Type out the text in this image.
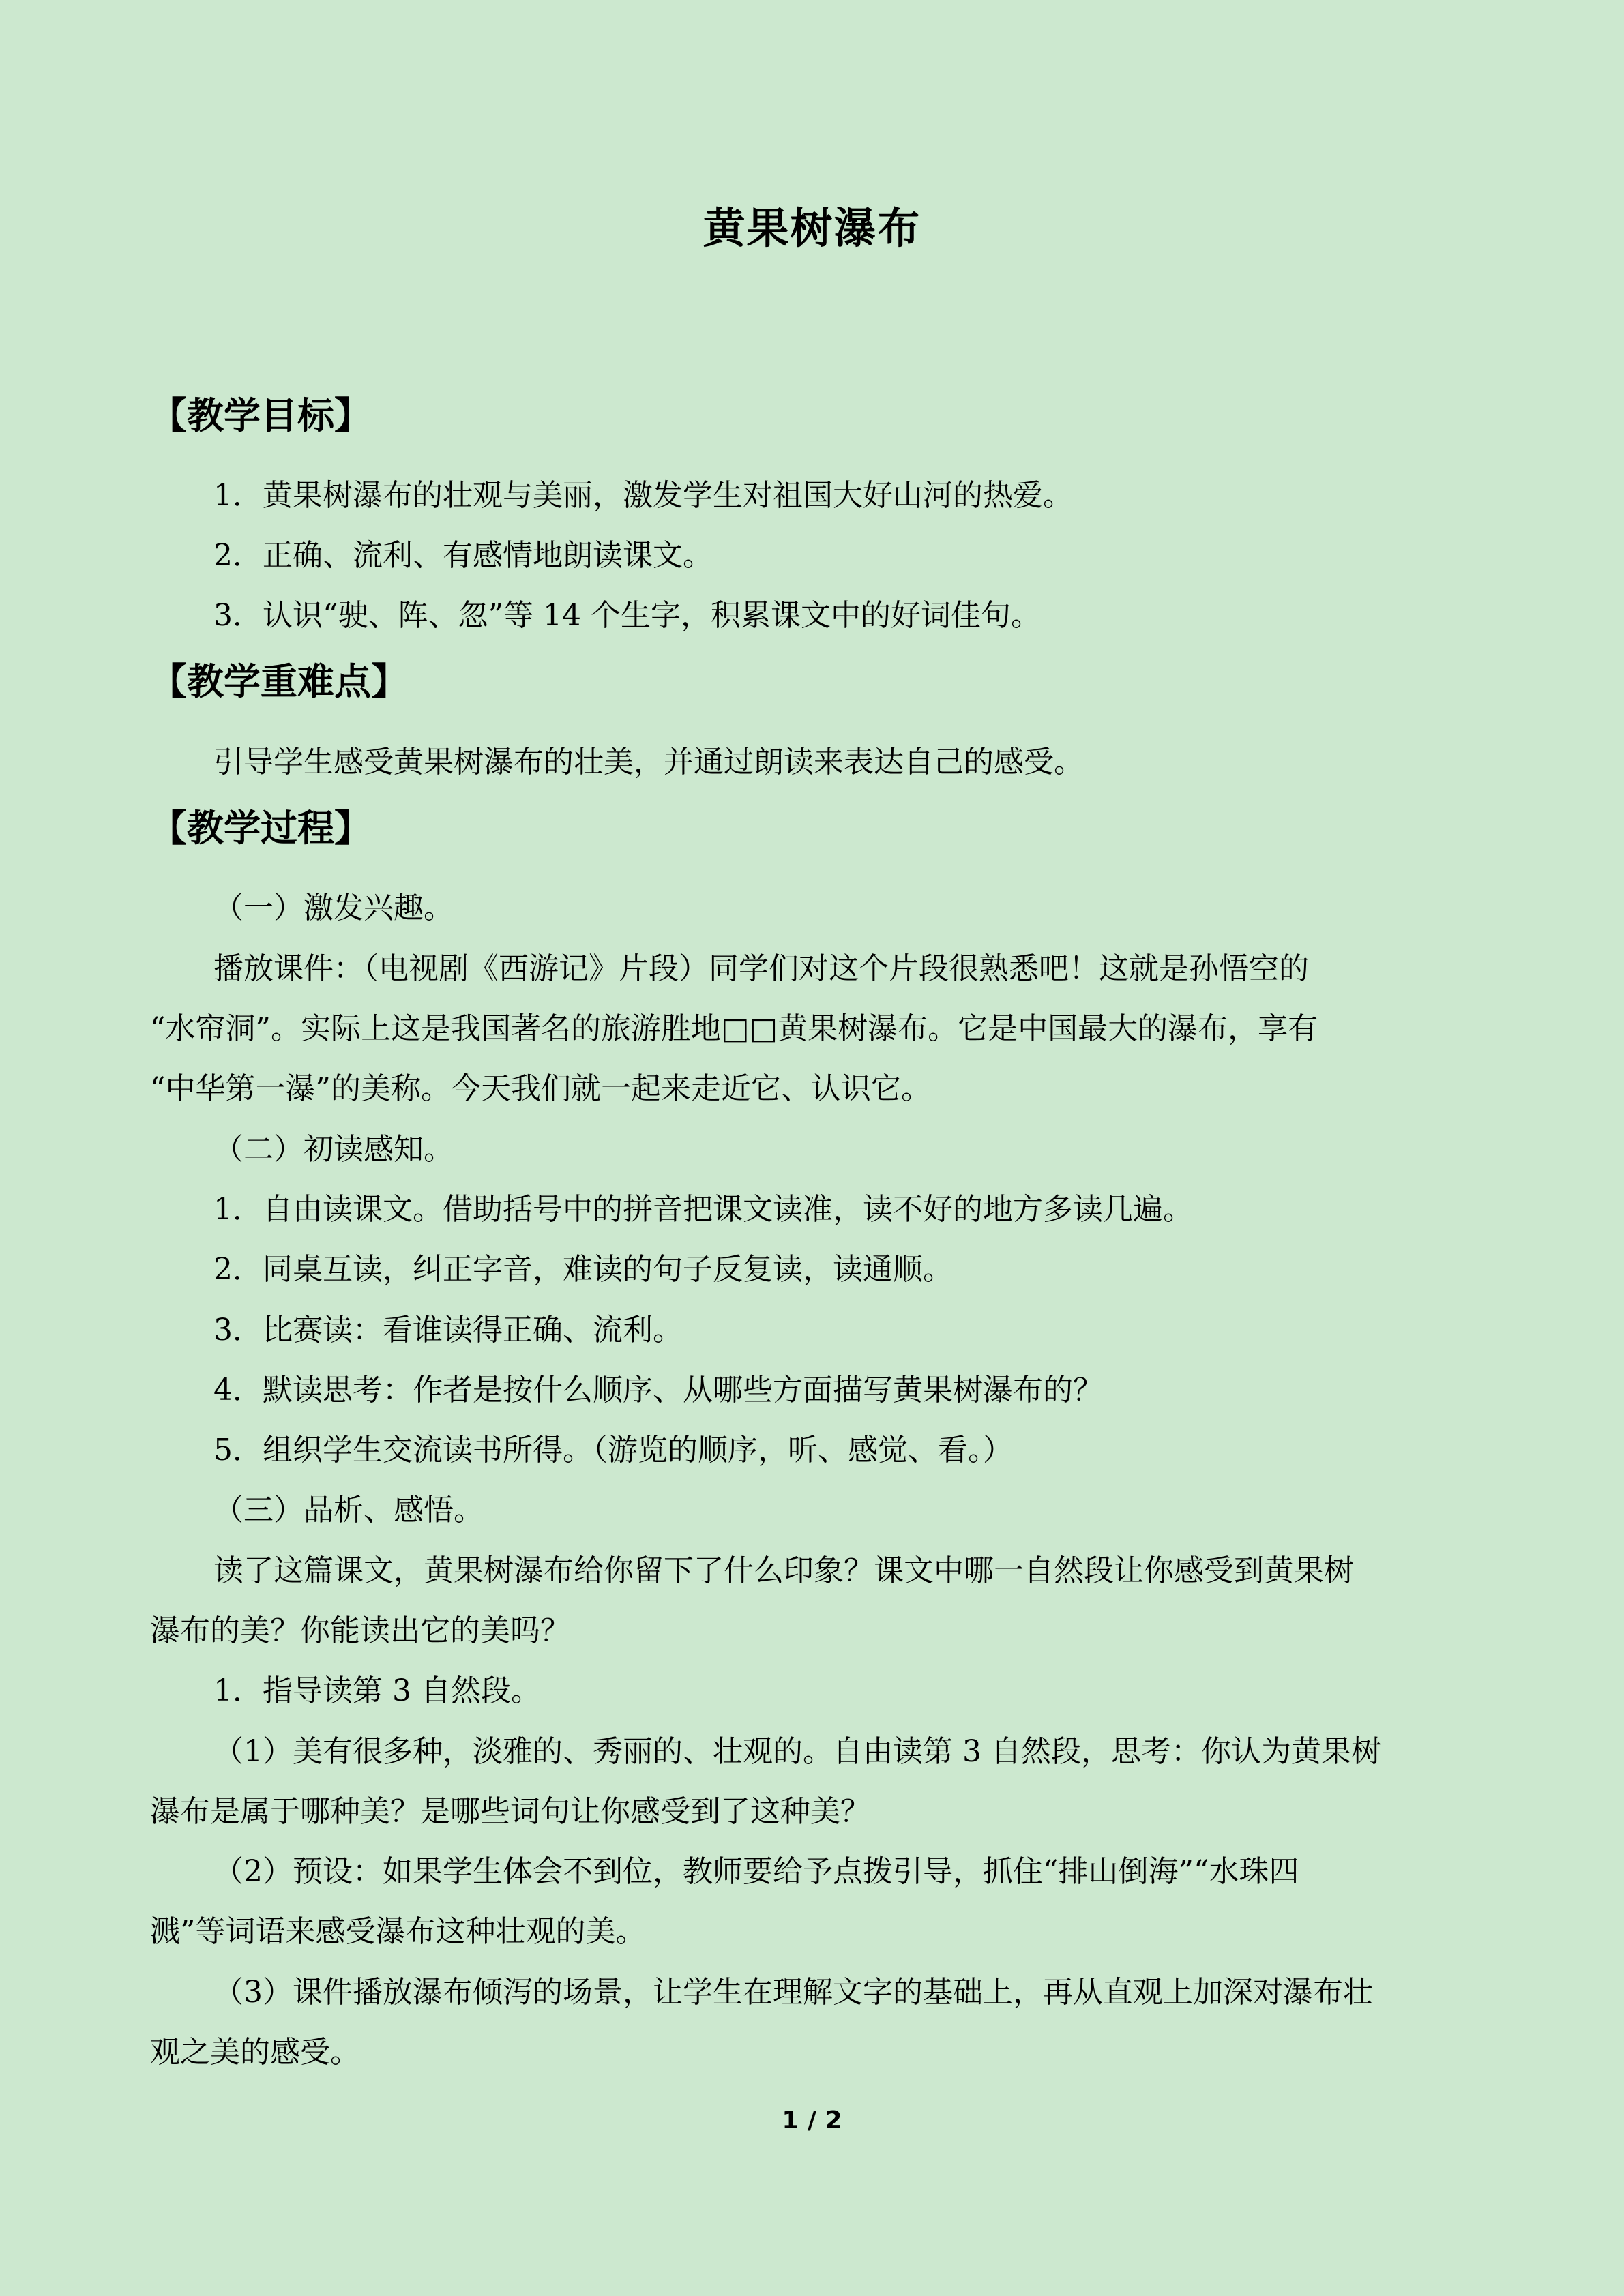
黄果树瀑布
【教学目标】
1．黄果树瀑布的壮观与美丽，激发学生对祖国大好山河的热爱。
2．正确、流利、有感情地朗读课文。
3．认识“驶、阵、忽”等 14 个生字，积累课文中的好词佳句。
【教学重难点】
引导学生感受黄果树瀑布的壮美，并通过朗读来表达自己的感受。
【教学过程】
（一）激发兴趣。
播放课件：（电视剧《西游记》片段）同学们对这个片段很熟悉吧！这就是孙悟空的
“水帘洞”。实际上这是我国著名的旅游胜地□□黄果树瀑布。它是中国最大的瀑布，享有
“中华第一瀑”的美称。今天我们就一起来走近它、认识它。
（二）初读感知。
1．自由读课文。借助括号中的拼音把课文读准，读不好的地方多读几遍。
2．同桌互读，纠正字音，难读的句子反复读，读通顺。
3．比赛读：看谁读得正确、流利。
4．默读思考：作者是按什么顺序、从哪些方面描写黄果树瀑布的？
5．组织学生交流读书所得。（游览的顺序，听、感觉、看。）
（三）品析、感悟。
读了这篇课文，黄果树瀑布给你留下了什么印象？课文中哪一自然段让你感受到黄果树
瀑布的美？你能读出它的美吗？
1．指导读第 3 自然段。
（1）美有很多种，淡雅的、秀丽的、壮观的。自由读第 3 自然段，思考：你认为黄果树
瀑布是属于哪种美？是哪些词句让你感受到了这种美？
（2）预设：如果学生体会不到位，教师要给予点拨引导，抓住“排山倒海”“水珠四
溅”等词语来感受瀑布这种壮观的美。
（3）课件播放瀑布倾泻的场景，让学生在理解文字的基础上，再从直观上加深对瀑布壮
观之美的感受。
1 / 2
